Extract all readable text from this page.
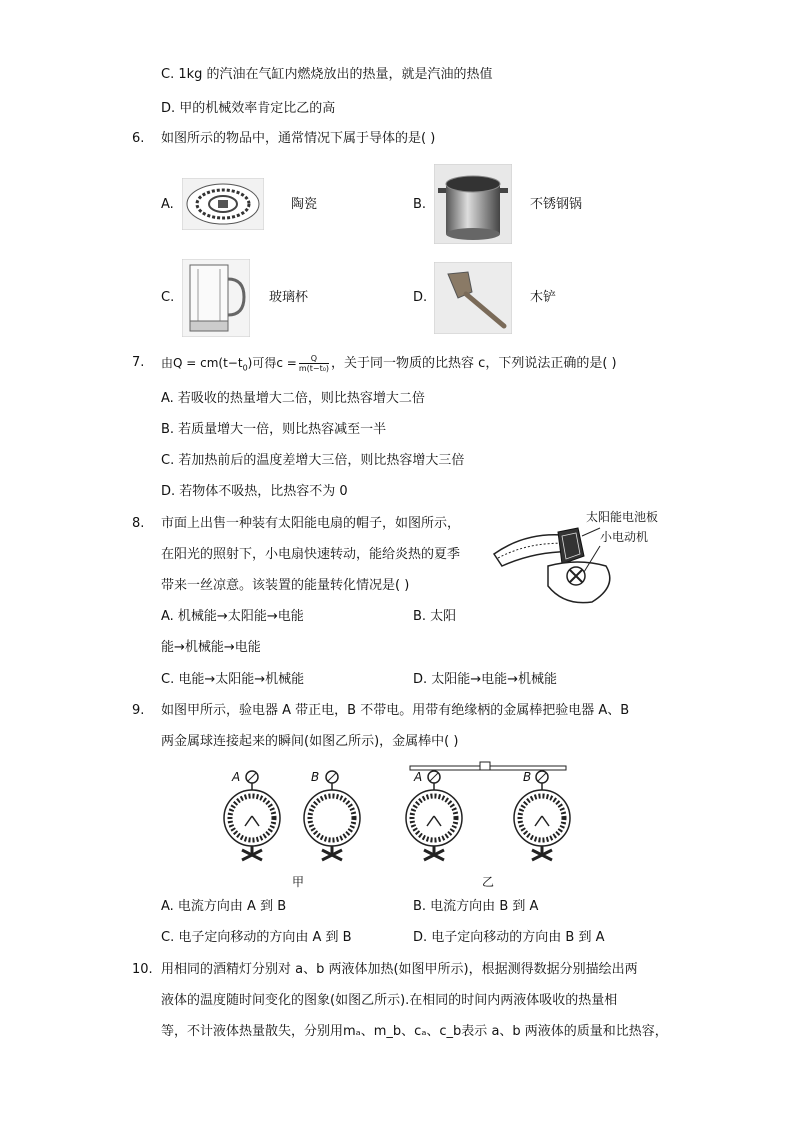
C. 1kg 的汽油在气缸内燃烧放出的热量，就是汽油的热值
D. 甲的机械效率肯定比乙的高
6. 如图所示的物品中，通常情况下属于导体的是( )
A.	陶瓷	B.	不锈钢锅
C.	玻璃杯	D.	木铲
7. 由$Q = cm(t-t_0)$可得$c = \frac{Q}{\text{m(t−t₀)}}$ ，关于同一物质的比热容 c，下列说法正确的是( )
A. 若吸收的热量增大二倍，则比热容增大二倍
B. 若质量增大一倍，则比热容减至一半
C. 若加热前后的温度差增大三倍，则比热容增大三倍
D. 若物体不吸热，比热容不为 0
8. 市面上出售一种装有太阳能电扇的帽子，如图所示，
在阳光的照射下，小电扇快速转动，能给炎热的夏季
带来一丝凉意。该装置的能量转化情况是( )
太阳能电池板
小电动机
A. 机械能→太阳能→电能	B. 太阳
能→机械能→电能
C. 电能→太阳能→机械能	D. 太阳能→电能→机械能
9. 如图甲所示，验电器 A 带正电，B 不带电。用带有绝缘柄的金属棒把验电器 A、B
两金属球连接起来的瞬间(如图乙所示)，金属棒中( )
A	B	A	B
甲	乙
A. 电流方向由 A 到 B	B. 电流方向由 B 到 A
C. 电子定向移动的方向由 A 到 B	D. 电子定向移动的方向由 B 到 A
10. 用相同的酒精灯分别对 a、b 两液体加热(如图甲所示)，根据测得数据分别描绘出两
液体的温度随时间变化的图象(如图乙所示).在相同的时间内两液体吸收的热量相
等，不计液体热量散失，分别用mₐ、m_b、cₐ、c_b表示 a、b 两液体的质量和比热容，
